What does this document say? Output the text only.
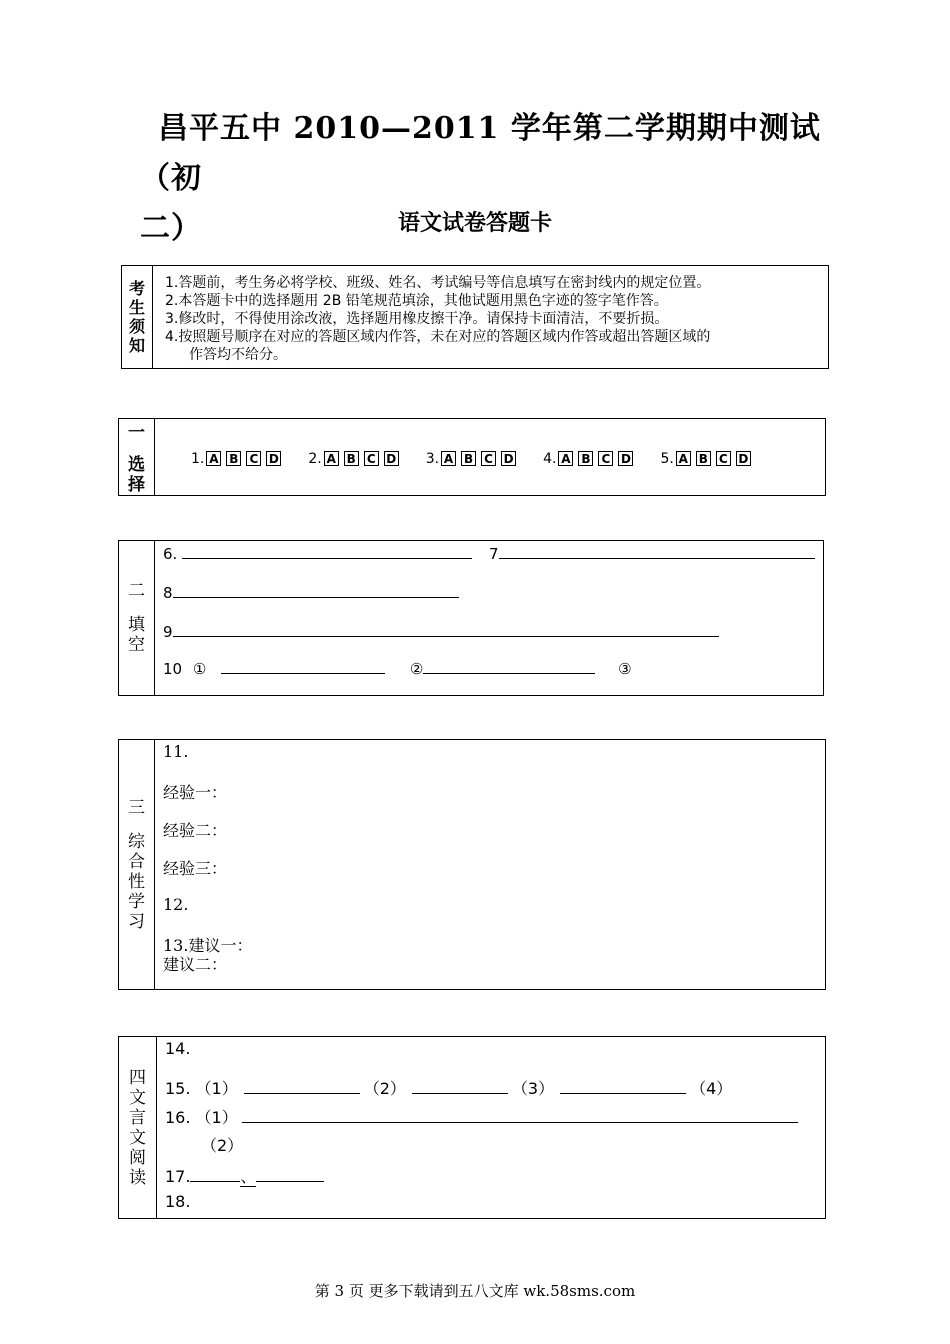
昌平五中 2010—2011 学年第二学期期中测试（初
二）	语文试卷答题卡
考
生
须
知
1.答题前，考生务必将学校、班级、姓名、考试编号等信息填写在密封线内的规定位置。
2.本答题卡中的选择题用 2B 铅笔规范填涂，其他试题用黑色字迹的签字笔作答。
3.修改时，不得使用涂改液，选择题用橡皮擦干净。请保持卡面清洁，不要折损。
4.按照题号顺序在对应的答题区域内作答，未在对应的答题区域内作答或超出答题区域的
作答均不给分。
一
选
择
1. A B C D 2. A B C D 3. A B C D 4. A B C D 5. A B C D
二
填
空
6.	7
8
9
10 ①	②	③
三
综
合
性
学
习
11.
经验一：
经验二：
经验三：
12.
13.建议一：
建议二：
四
文
言
文
阅
读
14.
15. （1）	（2）	（3）	（4）
16. （1）
（2）
17.	、
18.
第 3 页 更多下载请到五八文库 wk.58sms.com
